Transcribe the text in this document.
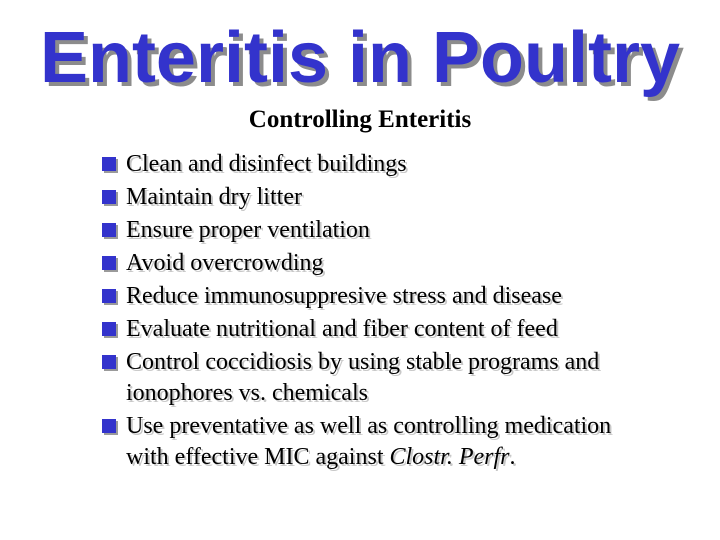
Enteritis in Poultry
Controlling Enteritis
Clean and disinfect buildings
Maintain dry litter
Ensure proper ventilation
Avoid overcrowding
Reduce immunosuppresive stress and disease
Evaluate nutritional and fiber content of feed
Control coccidiosis by using stable programs and
ionophores vs. chemicals
Use preventative as well as controlling medication
with effective MIC against Clostr. Perfr.
